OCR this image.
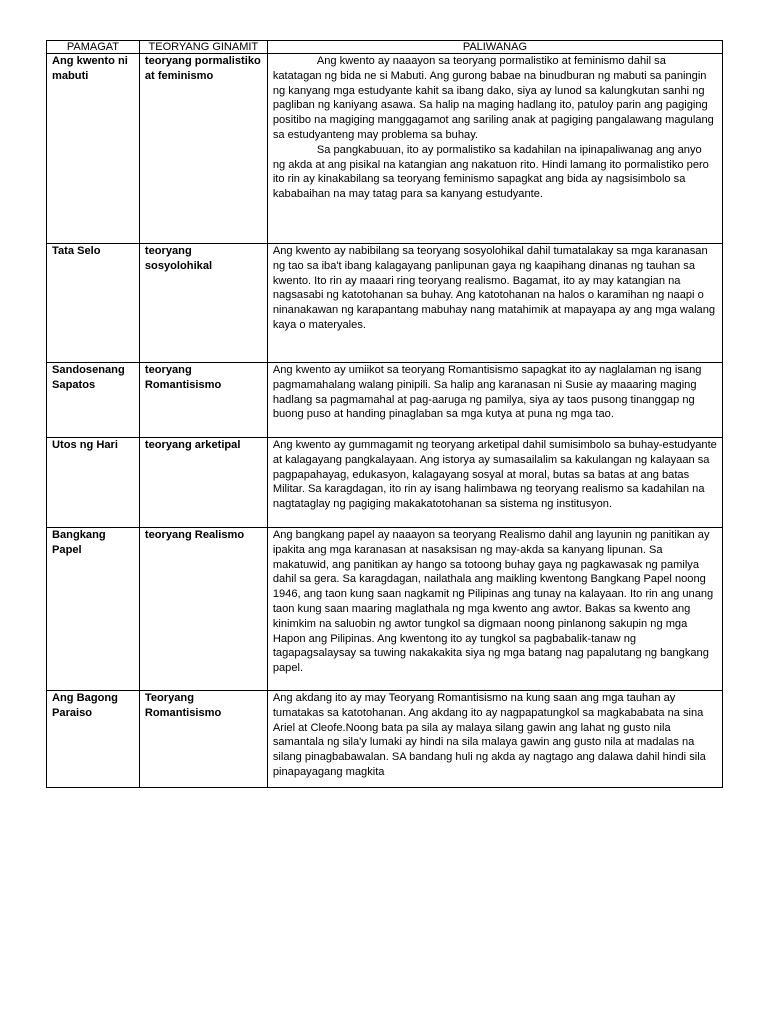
PAMAGAT	TEORYANG GINAMIT	PALIWANAG
Ang kwento ni mabuti	teoryang pormalistiko at feminismo	Ang kwento ay naaayon sa teoryang pormalistiko at feminismo dahil sa katatagan ng bida ne si Mabuti. Ang gurong babae na binudburan ng mabuti sa paningin ng kanyang mga estudyante kahit sa ibang dako, siya ay lunod sa kalungkutan sanhi ng pagliban ng kaniyang asawa. Sa halip na maging hadlang ito, patuloy parin ang pagiging positibo na magiging manggagamot ang sariling anak at pagiging pangalawang magulang sa estudyanteng may problema sa buhay.

Sa pangkabuuan, ito ay pormalistiko sa kadahilan na ipinapaliwanag ang anyo ng akda at ang pisikal na katangian ang nakatuon rito. Hindi lamang ito pormalistiko pero ito rin ay kinakabilang sa teoryang feminismo sapagkat ang bida ay nagsisimbolo sa kababaihan na may tatag para sa kanyang estudyante.

Tata Selo	teoryang sosyolohikal	Ang kwento ay nabibilang sa teoryang sosyolohikal dahil tumatalakay sa mga karanasan ng tao sa iba't ibang kalagayang panlipunan gaya ng kaapihang dinanas ng tauhan sa kwento. Ito rin ay maaari ring teoryang realismo. Bagamat, ito ay may katangian na nagsasabi ng katotohanan sa buhay. Ang katotohanan na halos o karamihan ng naapi o ninanakawan ng karapantang mabuhay nang matahimik at mapayapa ay ang mga walang kaya o materyales.

Sandosenang Sapatos	teoryang Romantisismo	Ang kwento ay umiikot sa teoryang Romantisismo sapagkat ito ay naglalaman ng isang pagmamahalang walang pinipili. Sa halip ang karanasan ni Susie ay maaaring maging hadlang sa pagmamahal at pag-aaruga ng pamilya, siya ay taos pusong tinanggap ng buong puso at handing pinaglaban sa mga kutya at puna ng mga tao.

Utos ng Hari	teoryang arketipal	Ang kwento ay gummagamit ng teoryang arketipal dahil sumisimbolo sa buhay-estudyante at kalagayang pangkalayaan. Ang istorya ay sumasailalim sa kakulangan ng kalayaan sa pagpapahayag, edukasyon, kalagayang sosyal at moral, butas sa batas at ang batas Militar. Sa karagdagan, ito rin ay isang halimbawa ng teoryang realismo sa kadahilan na nagtataglay ng pagiging makakatotohanan sa sistema ng institusyon.

Bangkang Papel	teoryang Realismo	Ang bangkang papel ay naaayon sa teoryang Realismo dahil ang layunin ng panitikan ay ipakita ang mga karanasan at nasaksisan ng may-akda sa kanyang lipunan. Sa makatuwid, ang panitikan ay hango sa totoong buhay gaya ng pagkawasak ng pamilya dahil sa gera. Sa karagdagan, nailathala ang maikling kwentong Bangkang Papel noong 1946, ang taon kung saan nagkamit ng Pilipinas ang tunay na kalayaan. Ito rin ang unang taon kung saan maaring maglathala ng mga kwento ang awtor. Bakas sa kwento ang kinimkim na saluobin ng awtor tungkol sa digmaan noong pinlanong sakupin ng mga Hapon ang Pilipinas. Ang kwentong ito ay tungkol sa pagbabalik-tanaw ng tagapagsalaysay sa tuwing nakakakita siya ng mga batang nag papalutang ng bangkang papel.

Ang Bagong Paraiso	Teoryang Romantisismo	Ang akdang ito ay may Teoryang Romantisismo na kung saan ang mga tauhan ay tumatakas sa katotohanan. Ang akdang ito ay nagpapatungkol sa magkababata na sina Ariel at Cleofe.Noong bata pa sila ay malaya silang gawin ang lahat ng gusto nila samantala ng sila'y lumaki ay hindi na sila malaya gawin ang gusto nila at madalas na silang pinagbabawalan. SA bandang huli ng akda ay nagtago ang dalawa dahil hindi sila pinapayagang magkita
